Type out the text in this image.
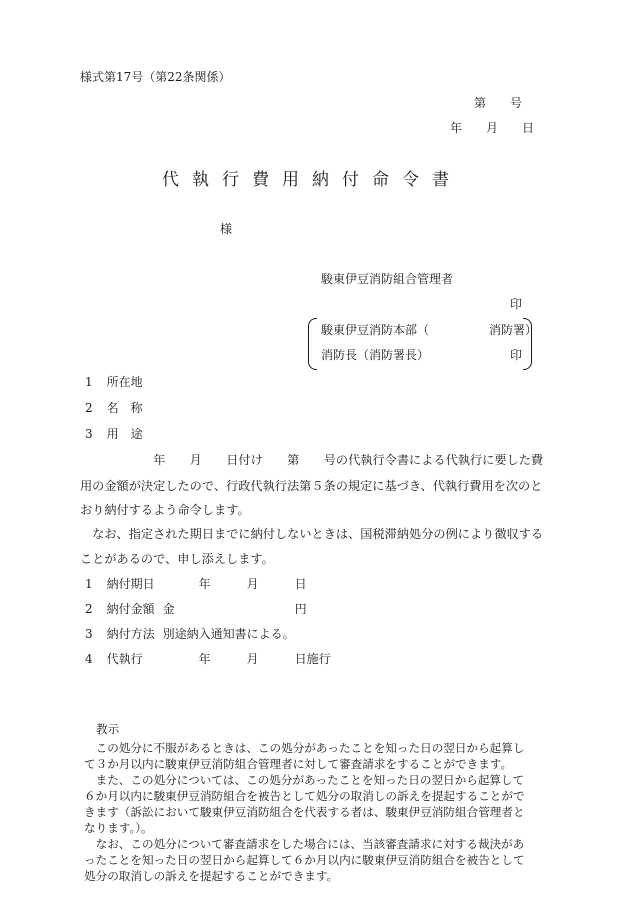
様式第17号（第22条関係）
第　　号
年　　月　　日
代執行費用納付命令書
様
駿東伊豆消防組合管理者
印
駿東伊豆消防本部（　　　　　消防署）
消防長（消防署長）	印
1 所在地
2 名　称
3 用　途
　　　　　　年　　月　　日付け　　第　　号の代執行令書による代執行に要した費
用の金額が決定したので、行政代執行法第５条の規定に基づき、代執行費用を次のと
おり納付するよう命令します。
　なお、指定された期日までに納付しないときは、国税滞納処分の例により徴収する
ことがあるので、申し添えします。
1 納付期日　　　年　　　月　　　日
2 納付金額 金　　　　　　　　　　円
3 納付方法 別途納入通知書による。
4 代執行　　　　年　　　月　　　日施行
教示
　この処分に不服があるときは、この処分があったことを知った日の翌日から起算し
て３か月以内に駿東伊豆消防組合管理者に対して審査請求をすることができます。
　また、この処分については、この処分があったことを知った日の翌日から起算して
６か月以内に駿東伊豆消防組合を被告として処分の取消しの訴えを提起することがで
きます（訴訟において駿東伊豆消防組合を代表する者は、駿東伊豆消防組合管理者と
なります。）。
　なお、この処分について審査請求をした場合には、当該審査請求に対する裁決があ
ったことを知った日の翌日から起算して６か月以内に駿東伊豆消防組合を被告として
処分の取消しの訴えを提起することができます。
